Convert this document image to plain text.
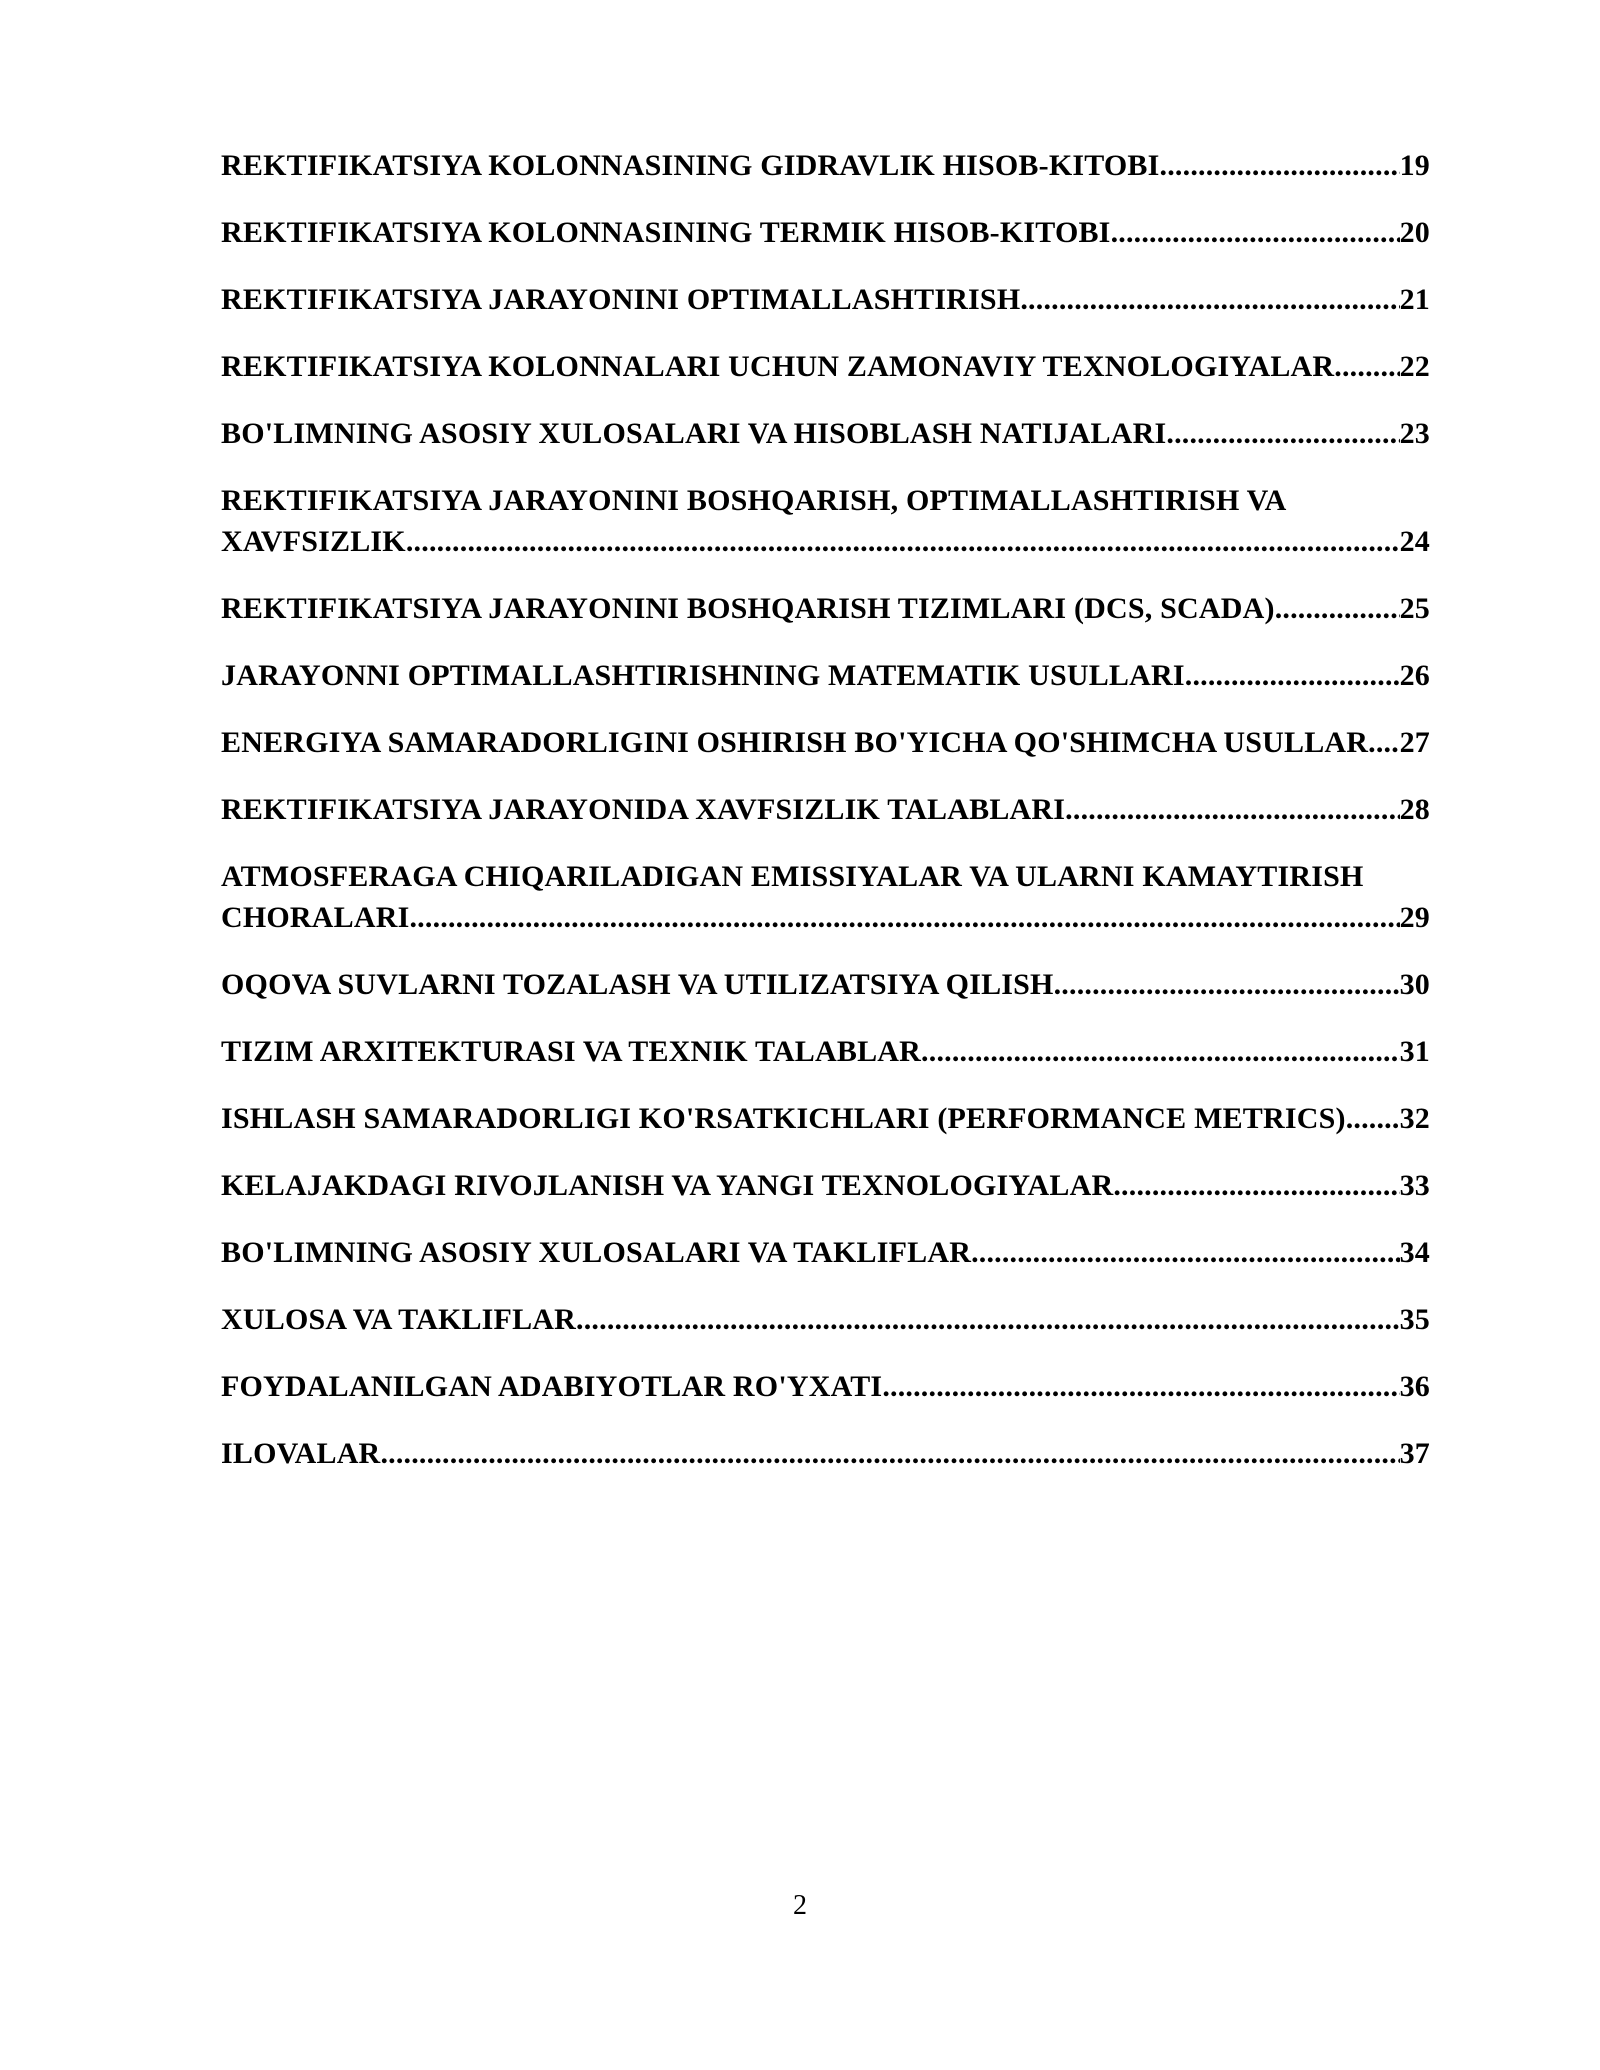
REKTIFIKATSIYA KOLONNASINING GIDRAVLIK HISOB-KITOBI .....	19
REKTIFIKATSIYA KOLONNASINING TERMIK HISOB-KITOBI .....	20
REKTIFIKATSIYA JARAYONINI OPTIMALLASHTIRISH .....	21
REKTIFIKATSIYA KOLONNALARI UCHUN ZAMONAVIY TEXNOLOGIYALAR ..... 22
BO'LIMNING ASOSIY XULOSALARI VA HISOBLASH NATIJALARI .....	23
REKTIFIKATSIYA JARAYONINI BOSHQARISH, OPTIMALLASHTIRISH VA
XAVFSIZLIK .....	24
REKTIFIKATSIYA JARAYONINI BOSHQARISH TIZIMLARI (DCS, SCADA) .....	25
JARAYONNI OPTIMALLASHTIRISHNING MATEMATIK USULLARI .....	26
ENERGIYA SAMARADORLIGINI OSHIRISH BO'YICHA QO'SHIMCHA USULLAR ..... 27
REKTIFIKATSIYA JARAYONIDA XAVFSIZLIK TALABLARI .....	28
ATMOSFERAGA CHIQARILADIGAN EMISSIYALAR VA ULARNI KAMAYTIRISH
CHORALARI .....	29
OQOVA SUVLARNI TOZALASH VA UTILIZATSIYA QILISH .....	30
TIZIM ARXITEKTURASI VA TEXNIK TALABLAR .....	31
ISHLASH SAMARADORLIGI KO'RSATKICHLARI (PERFORMANCE METRICS) ..... 32
KELAJAKDAGI RIVOJLANISH VA YANGI TEXNOLOGIYALAR .....	33
BO'LIMNING ASOSIY XULOSALARI VA TAKLIFLAR .....	34
XULOSA VA TAKLIFLAR .....	35
FOYDALANILGAN ADABIYOTLAR RO'YXATI .....	36
ILOVALAR .....	37
2
